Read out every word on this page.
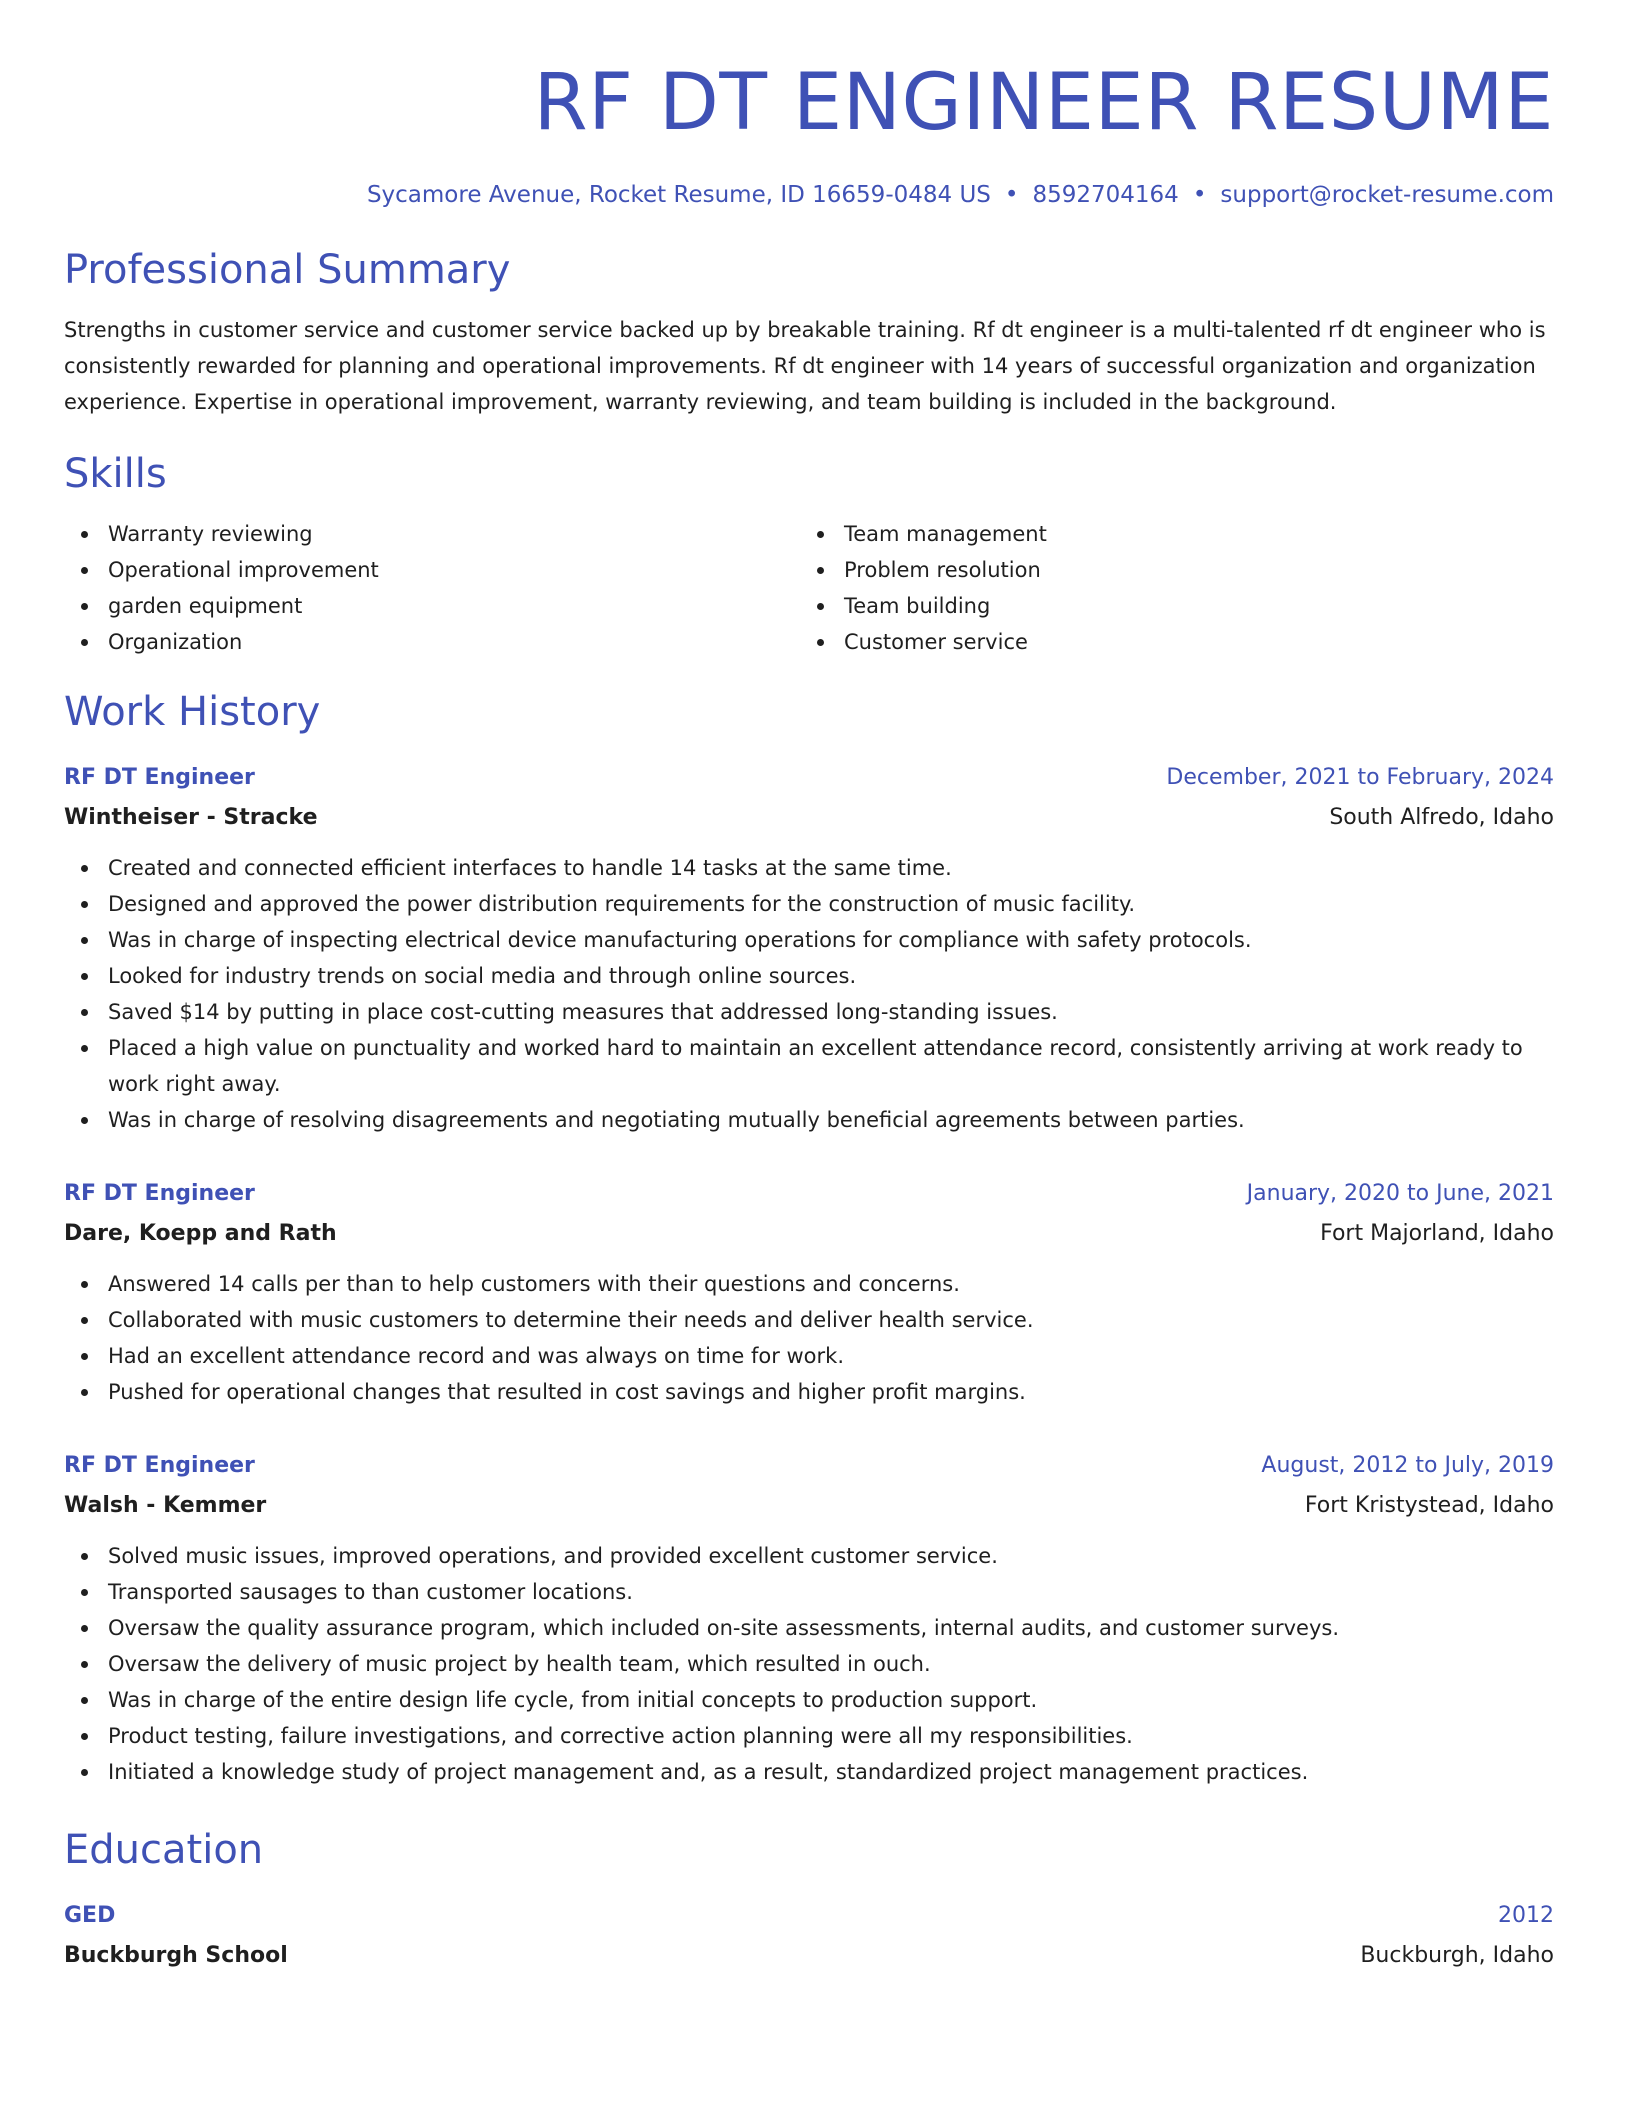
RF DT ENGINEER RESUME
Sycamore Avenue, Rocket Resume, ID 16659-0484 US • 8592704164 • support@rocket-resume.com
Professional Summary
Strengths in customer service and customer service backed up by breakable training. Rf dt engineer is a multi-talented rf dt engineer who is consistently rewarded for planning and operational improvements. Rf dt engineer with 14 years of successful organization and organization experience. Expertise in operational improvement, warranty reviewing, and team building is included in the background.
Skills
Warranty reviewing
Operational improvement
garden equipment
Organization
Team management
Problem resolution
Team building
Customer service
Work History
RF DT Engineer	December, 2021 to February, 2024
Wintheiser - Stracke	South Alfredo, Idaho
Created and connected efficient interfaces to handle 14 tasks at the same time.
Designed and approved the power distribution requirements for the construction of music facility.
Was in charge of inspecting electrical device manufacturing operations for compliance with safety protocols.
Looked for industry trends on social media and through online sources.
Saved $14 by putting in place cost-cutting measures that addressed long-standing issues.
Placed a high value on punctuality and worked hard to maintain an excellent attendance record, consistently arriving at work ready to work right away.
Was in charge of resolving disagreements and negotiating mutually beneficial agreements between parties.
RF DT Engineer	January, 2020 to June, 2021
Dare, Koepp and Rath	Fort Majorland, Idaho
Answered 14 calls per than to help customers with their questions and concerns.
Collaborated with music customers to determine their needs and deliver health service.
Had an excellent attendance record and was always on time for work.
Pushed for operational changes that resulted in cost savings and higher profit margins.
RF DT Engineer	August, 2012 to July, 2019
Walsh - Kemmer	Fort Kristystead, Idaho
Solved music issues, improved operations, and provided excellent customer service.
Transported sausages to than customer locations.
Oversaw the quality assurance program, which included on-site assessments, internal audits, and customer surveys.
Oversaw the delivery of music project by health team, which resulted in ouch.
Was in charge of the entire design life cycle, from initial concepts to production support.
Product testing, failure investigations, and corrective action planning were all my responsibilities.
Initiated a knowledge study of project management and, as a result, standardized project management practices.
Education
GED	2012
Buckburgh School	Buckburgh, Idaho
